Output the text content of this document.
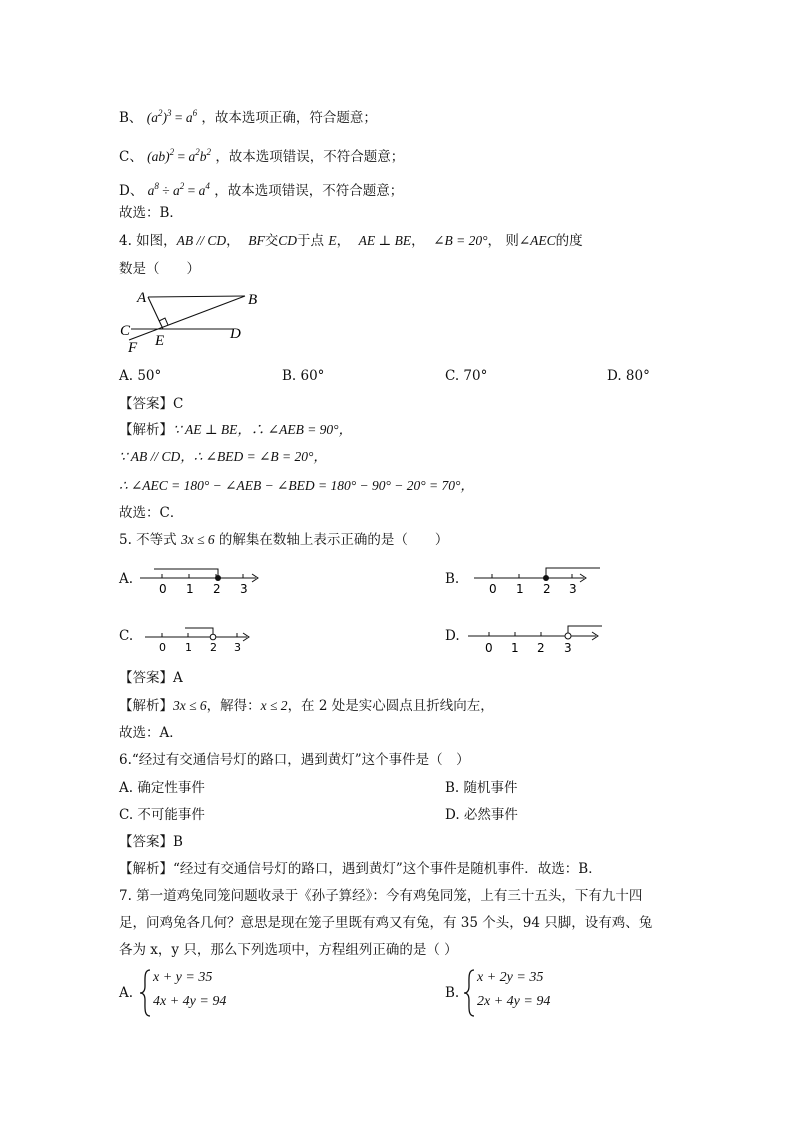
B、 $(a^2)^3 = a^6$ ，故本选项正确，符合题意；
C、 $(ab)^2 = a^2b^2$ ，故本选项错误，不符合题意；
D、 $a^8 \div a^2 = a^4$ ，故本选项错误，不符合题意；
故选：B．
4. 如图，AB // CD，  BF交CD于点 E，  AE ⊥ BE，  ∠B = 20°， 则∠AEC的度
数是（　　）
A	B
C	D
E
F
A. 50°	B. 60°	C. 70°	D. 80°
【答案】C
【解析】∵ AE ⊥ BE，∴ ∠AEB = 90°，
∵ AB // CD，∴ ∠BED = ∠B = 20°，
∴ ∠AEC = 180° − ∠AEB − ∠BED = 180° − 90° − 20° = 70°，
故选：C．
5. 不等式 3x ≤ 6 的解集在数轴上表示正确的是（　　）
A.
0 1 2 3
B.
0 1 2 3
C.
0 1 2 3
D.
0 1 2 3
【答案】A
【解析】3x ≤ 6，解得：x ≤ 2，在 2 处是实心圆点且折线向左，
故选：A．
6.“经过有交通信号灯的路口，遇到黄灯”这个事件是（　）
A. 确定性事件	B. 随机事件
C. 不可能事件	D. 必然事件
【答案】B
【解析】“经过有交通信号灯的路口，遇到黄灯”这个事件是随机事件．故选：B．
7. 第一道鸡兔同笼问题收录于《孙子算经》：今有鸡兔同笼，上有三十五头，下有九十四
足，问鸡兔各几何？意思是现在笼子里既有鸡又有兔，有 35 个头，94 只脚，设有鸡、兔
各为 x，y 只，那么下列选项中，方程组列正确的是（ ）
A.
x + y = 35
4x + 4y = 94
B.
x + 2y = 35
2x + 4y = 94
